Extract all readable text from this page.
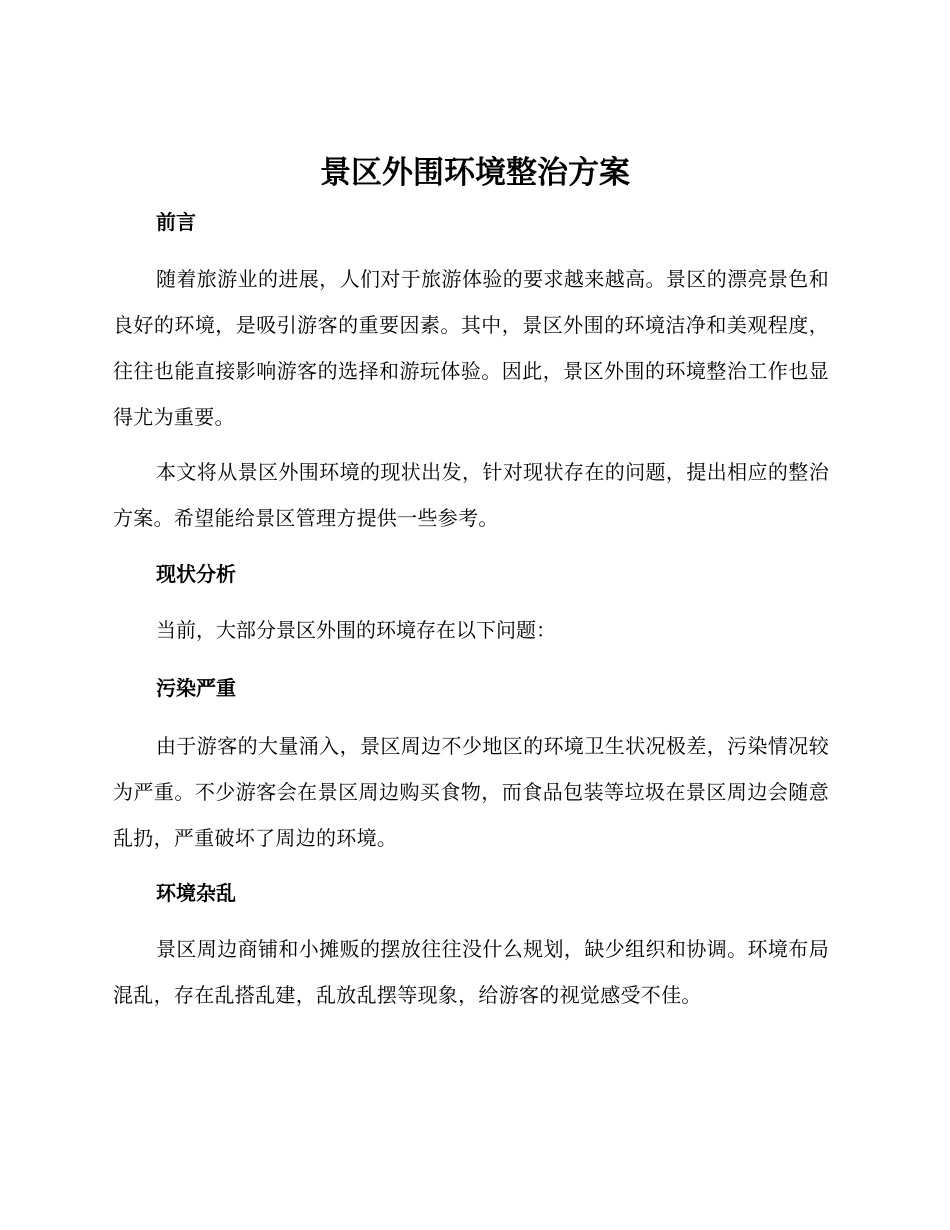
景区外围环境整治方案
前言

随着旅游业的进展，人们对于旅游体验的要求越来越高。景区的漂亮景色和良好的环境，是吸引游客的重要因素。其中，景区外围的环境洁净和美观程度，往往也能直接影响游客的选择和游玩体验。因此，景区外围的环境整治工作也显得尤为重要。

本文将从景区外围环境的现状出发，针对现状存在的问题，提出相应的整治方案。希望能给景区管理方提供一些参考。

现状分析

当前，大部分景区外围的环境存在以下问题：

污染严重

由于游客的大量涌入，景区周边不少地区的环境卫生状况极差，污染情况较为严重。不少游客会在景区周边购买食物，而食品包装等垃圾在景区周边会随意乱扔，严重破坏了周边的环境。

环境杂乱

景区周边商铺和小摊贩的摆放往往没什么规划，缺少组织和协调。环境布局混乱，存在乱搭乱建，乱放乱摆等现象，给游客的视觉感受不佳。
